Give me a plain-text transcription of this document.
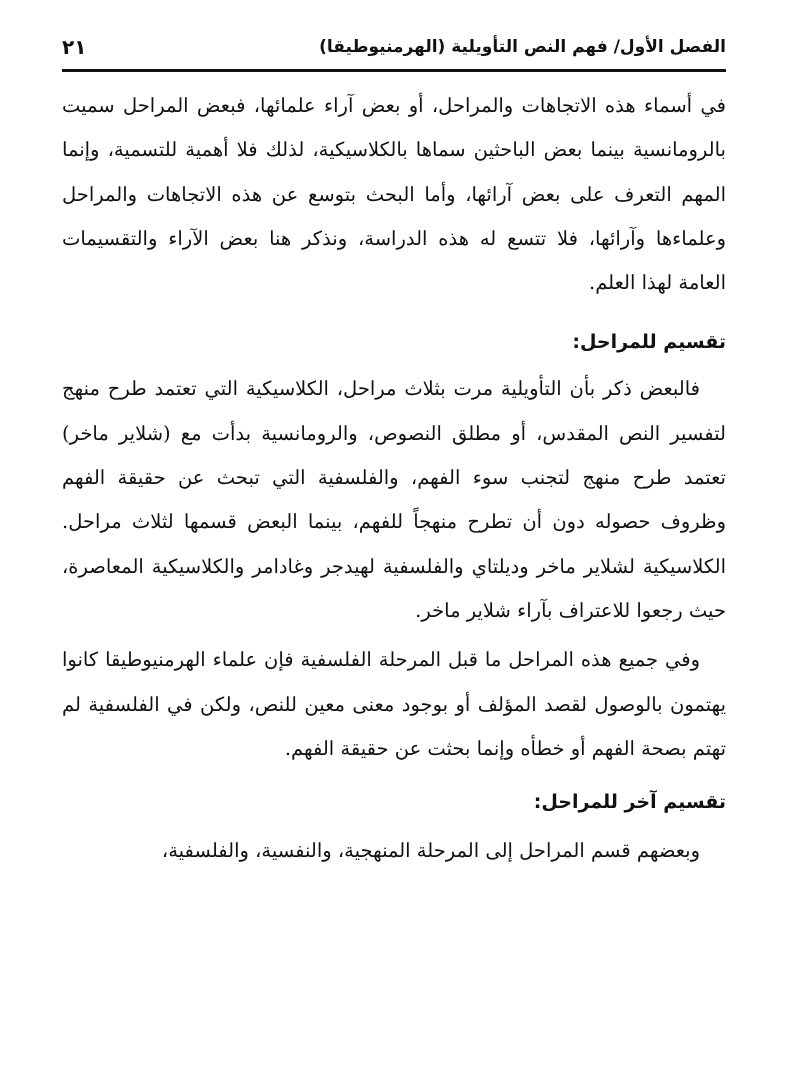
الفصل الأول/ فهم النص التأويلية (الهرمنيوطيقا)
٢١

في أسماء هذه الاتجاهات والمراحل، أو بعض آراء علمائها، فبعض المراحل سميت بالرومانسية بينما بعض الباحثين سماها بالكلاسيكية، لذلك فلا أهمية للتسمية، وإنما المهم التعرف على بعض آرائها، وأما البحث بتوسع عن هذه الاتجاهات والمراحل وعلماءها وآرائها، فلا تتسع له هذه الدراسة، ونذكر هنا بعض الآراء والتقسيمات العامة لهذا العلم.

تقسيم للمراحل:

فالبعض ذكر بأن التأويلية مرت بثلاث مراحل، الكلاسيكية التي تعتمد طرح منهج لتفسير النص المقدس، أو مطلق النصوص، والرومانسية بدأت مع (شلاير ماخر) تعتمد طرح منهج لتجنب سوء الفهم، والفلسفية التي تبحث عن حقيقة الفهم وظروف حصوله دون أن تطرح منهجاً للفهم، بينما البعض قسمها لثلاث مراحل. الكلاسيكية لشلاير ماخر وديلتاي والفلسفية لهيدجر وغادامر والكلاسيكية المعاصرة، حيث رجعوا للاعتراف بآراء شلاير ماخر.

وفي جميع هذه المراحل ما قبل المرحلة الفلسفية فإن علماء الهرمنيوطيقا كانوا يهتمون بالوصول لقصد المؤلف أو بوجود معنى معين للنص، ولكن في الفلسفية لم تهتم بصحة الفهم أو خطأه وإنما بحثت عن حقيقة الفهم.

تقسيم آخر للمراحل:

وبعضهم قسم المراحل إلى المرحلة المنهجية، والنفسية، والفلسفية،
